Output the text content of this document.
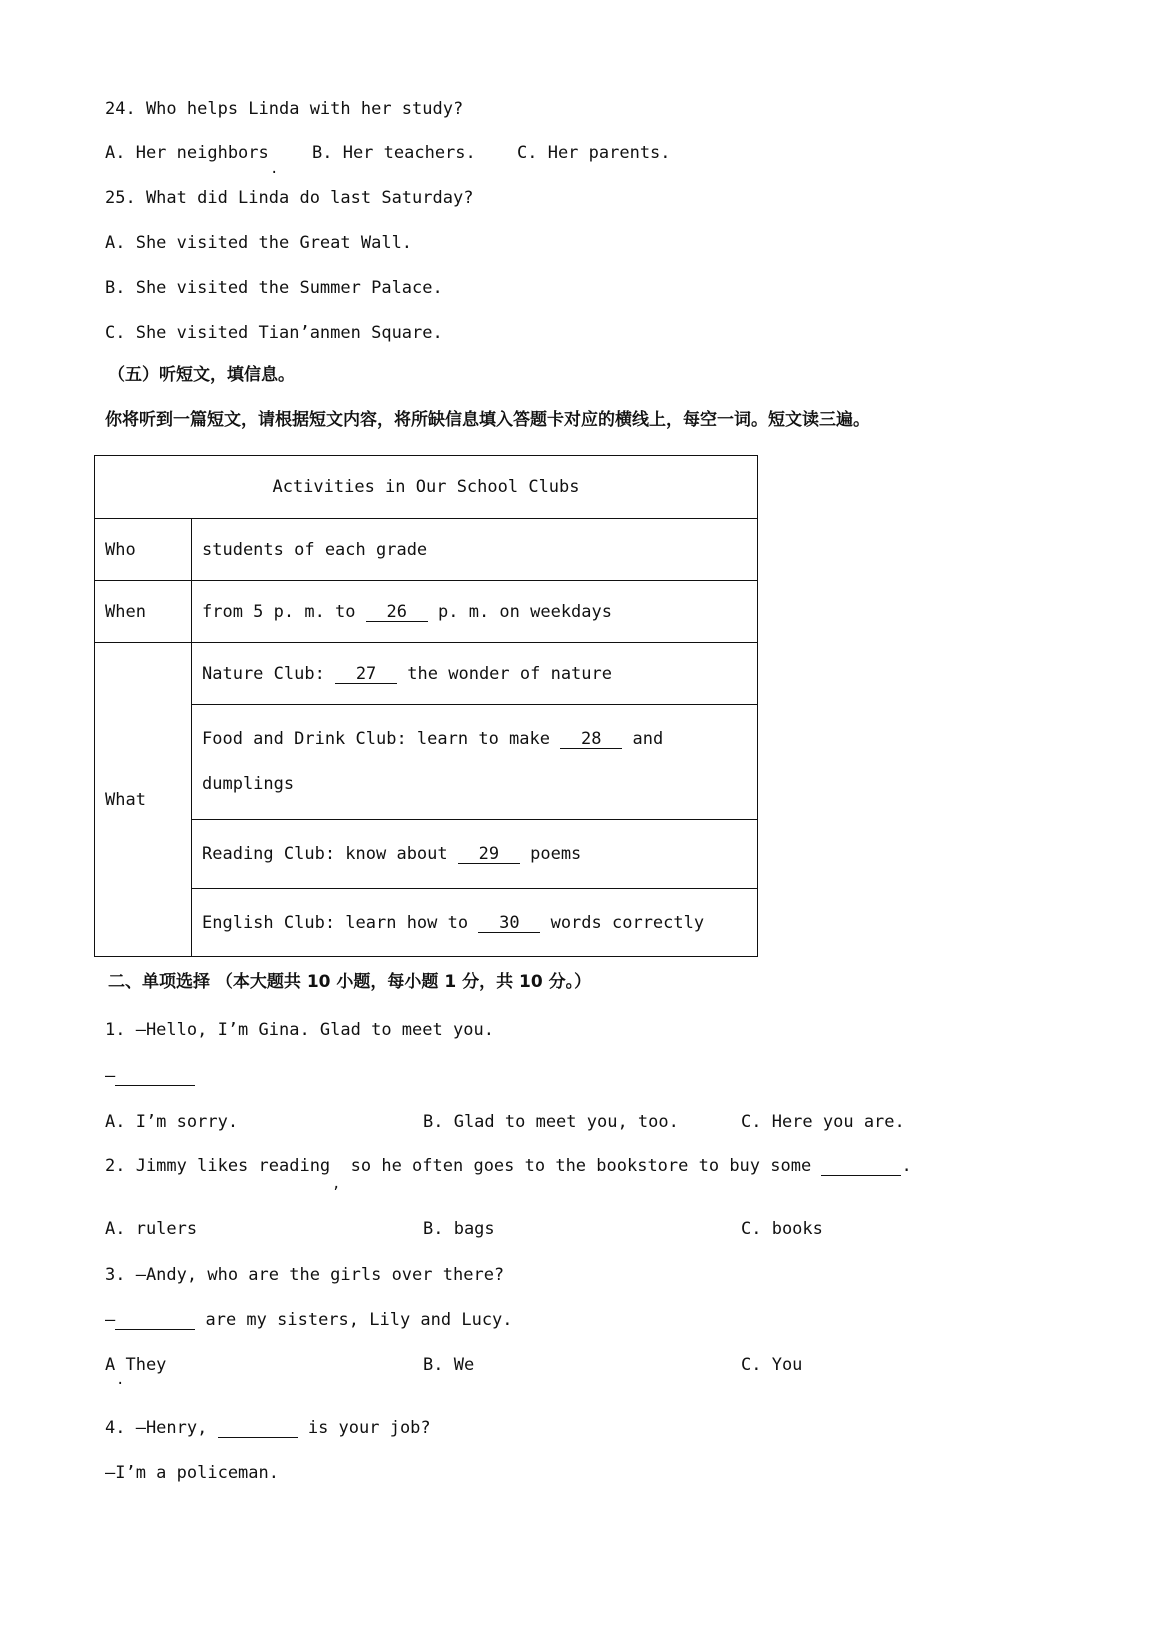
24. Who helps Linda with her study?
A. Her neighbors	B. Her teachers. C. Her parents.
·
25. What did Linda do last Saturday?
A. She visited the Great Wall.
B. She visited the Summer Palace.
C. She visited Tian’anmen Square.
（五）听短文，填信息。
你将听到一篇短文，请根据短文内容，将所缺信息填入答题卡对应的横线上，每空一词。短文读三遍。
Activities in Our School Clubs	
Who	students of each grade
When	from 5 p. m. to 26 p. m. on weekdays
What	Nature Club: 27 the wonder of nature
	Food and Drink Club: learn to make 28 and
dumplings
	Reading Club: know about 29 poems
	English Club: learn how to 30 words correctly
二、单项选择 （本大题共 10 小题，每小题 1 分，共 10 分。）
1. —Hello, I’m Gina. Glad to meet you.
—
A. I’m sorry.	B. Glad to meet you, too.	C. Here you are.
2. Jimmy likes reading  so he often goes to the bookstore to buy some	.
,
A. rulers	B. bags	C. books
3. —Andy, who are the girls over there?
—	are my sisters, Lily and Lucy.
A They	B. We	C. You
·
4. —Henry,	is your job?
—I’m a policeman.
